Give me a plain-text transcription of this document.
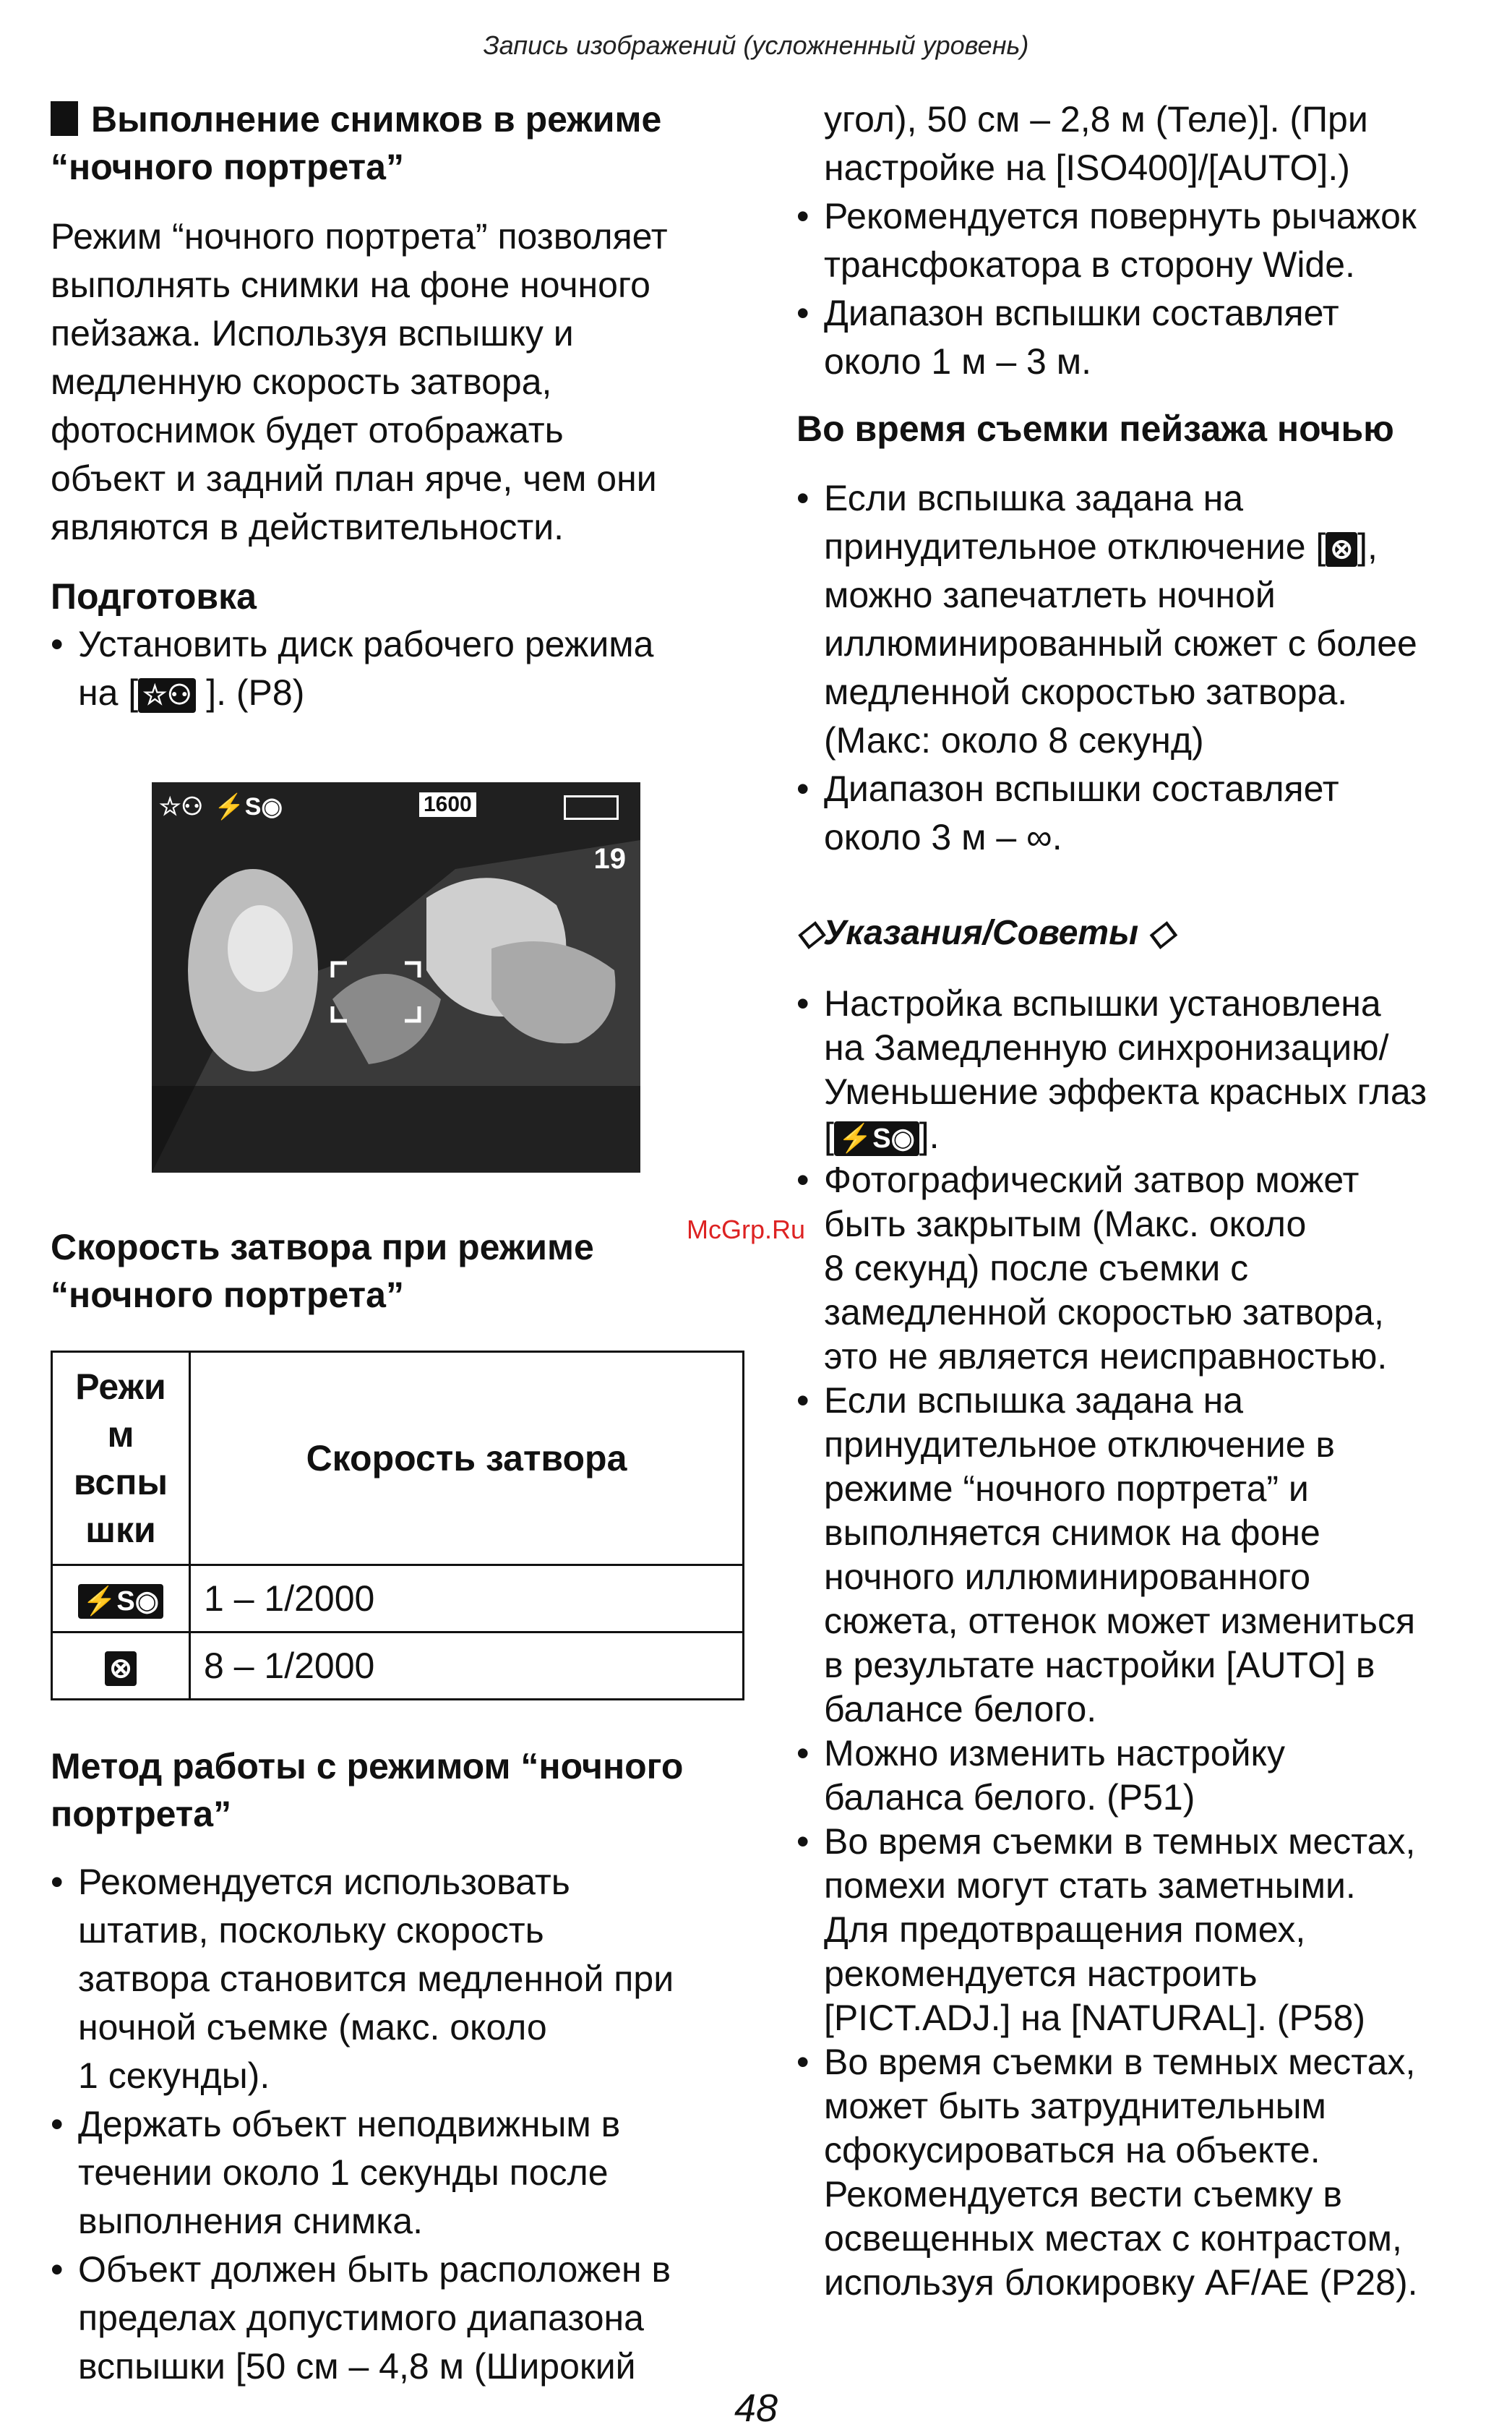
Запись изображений (усложненный уровень)
Выполнение снимков в режиме
“ночного портрета”
Режим “ночного портрета” позволяет
выполнять снимки на фоне ночного
пейзажа. Используя вспышку и
медленную скорость затвора,
фотоснимок будет отображать
объект и задний план ярче, чем они
являются в действительности.
Подготовка
• Установить диск рабочего режима
на [ ☆⚇ ]. (P8)
☆⚇ ⚡S◉	1600
19
Скорость затвора при режиме
“ночного портрета”
Режи
м
вспы
шки	Скорость затвора
⚡S◉	1 – 1/2000
⊗	8 – 1/2000
Метод работы с режимом “ночного
портрета”
• Рекомендуется использовать
штатив, поскольку скорость
затвора становится медленной при
ночной съемке (макс. около
1 секунды).
• Держать объект неподвижным в
течении около 1 секунды после
выполнения снимка.
• Объект должен быть расположен в
пределах допустимого диапазона
вспышки [50 см – 4,8 м (Широкий
угол), 50 см – 2,8 м (Теле)]. (При
настройке на [ISO400]/[AUTO].)
• Рекомендуется повернуть рычажок
трансфокатора в сторону Wide.
• Диапазон вспышки составляет
около 1 м – 3 м.
Во время съемки пейзажа ночью
• Если вспышка задана на
принудительное отключение [ ⊗ ],
можно запечатлеть ночной
иллюминированный сюжет с более
медленной скоростью затвора.
(Макс: около 8 секунд)
• Диапазон вспышки составляет
около 3 м – ∞.
◇Указания/Советы ◇
• Настройка вспышки установлена
на Замедленную синхронизацию/
Уменьшение эффекта красных глаз
[ ⚡S◉ ].
• Фотографический затвор может
быть закрытым (Макс. около
8 секунд) после съемки с
замедленной скоростью затвора,
это не является неисправностью.
• Если вспышка задана на
принудительное отключение в
режиме “ночного портрета” и
выполняется снимок на фоне
ночного иллюминированного
сюжета, оттенок может измениться
в результате настройки [AUTO] в
балансе белого.
• Можно изменить настройку
баланса белого. (P51)
• Во время съемки в темных местах,
помехи могут стать заметными.
Для предотвращения помех,
рекомендуется настроить
[PICT.ADJ.] на [NATURAL]. (P58)
• Во время съемки в темных местах,
может быть затруднительным
сфокусироваться на объекте.
Рекомендуется вести съемку в
освещенных местах с контрастом,
используя блокировку AF/AE (P28).
McGrp.Ru
48
